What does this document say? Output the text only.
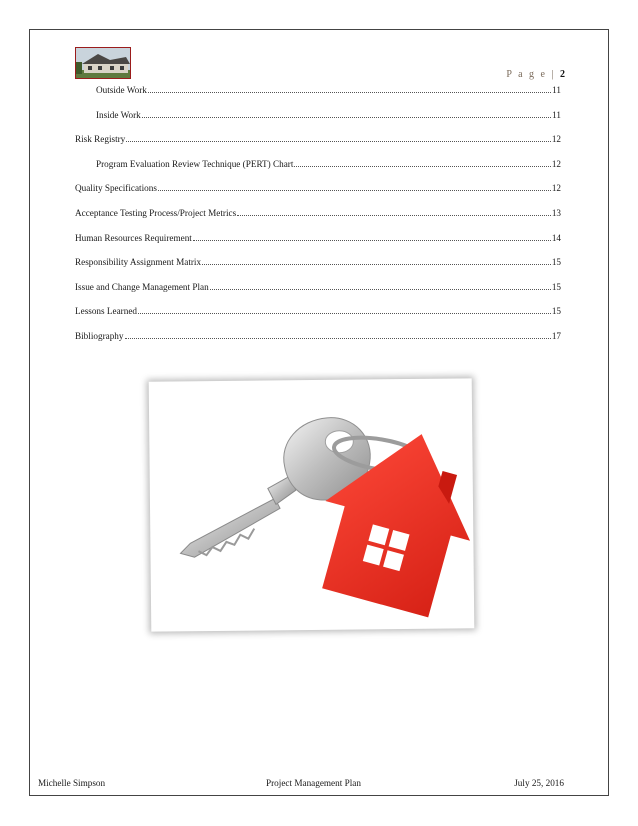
P a g e | 2
Outside Work	11
Inside Work	11
Risk Registry	12
Program Evaluation Review Technique (PERT) Chart	12
Quality Specifications	12
Acceptance Testing Process/Project Metrics	13
Human Resources Requirement	14
Responsibility Assignment Matrix	15
Issue and Change Management Plan	15
Lessons Learned	15
Bibliography	17
Michelle Simpson	Project Management Plan	July 25, 2016
